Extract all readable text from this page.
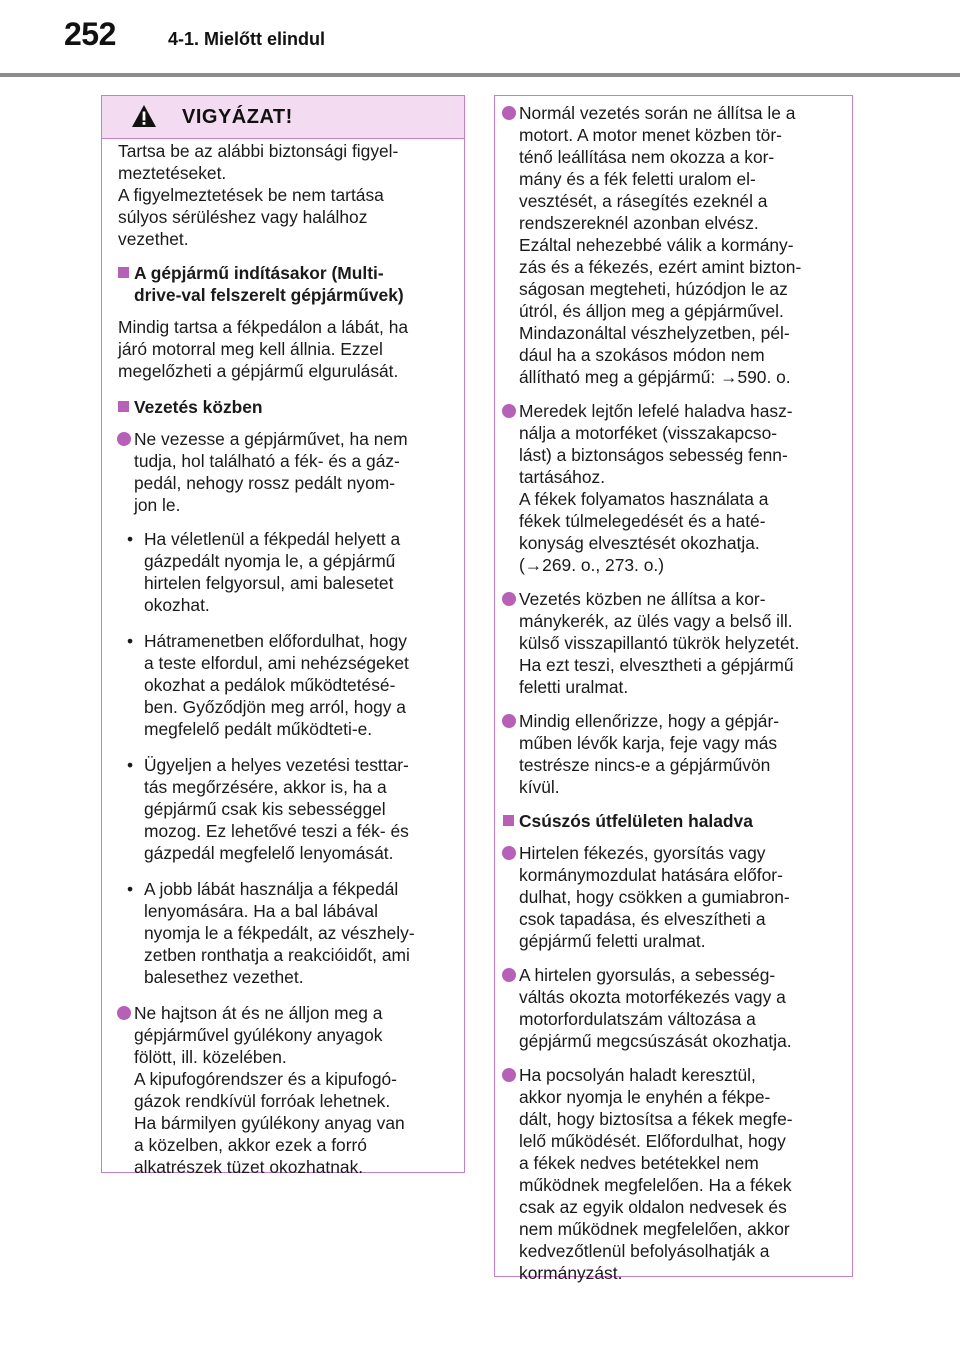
252	4-1. Mielőtt elindul
VIGYÁZAT!

Tartsa be az alábbi biztonsági figyel-
meztetéseket.
A figyelmeztetések be nem tartása
súlyos sérüléshez vagy halálhoz
vezethet.

A gépjármű indításakor (Multi-
drive-val felszerelt gépjárművek)

Mindig tartsa a fékpedálon a lábát, ha
járó motorral meg kell állnia. Ezzel
megelőzheti a gépjármű elgurulását.

Vezetés közben
Ne vezesse a gépjárművet, ha nem
tudja, hol található a fék- és a gáz-
pedál, nehogy rossz pedált nyom-
jon le.
• Ha véletlenül a fékpedál helyett a
gázpedált nyomja le, a gépjármű
hirtelen felgyorsul, ami balesetet
okozhat.
• Hátramenetben előfordulhat, hogy
a teste elfordul, ami nehézségeket
okozhat a pedálok működtetésé-
ben. Győződjön meg arról, hogy a
megfelelő pedált működteti-e.
• Ügyeljen a helyes vezetési testtar-
tás megőrzésére, akkor is, ha a
gépjármű csak kis sebességgel
mozog. Ez lehetővé teszi a fék- és
gázpedál megfelelő lenyomását.
• A jobb lábát használja a fékpedál
lenyomására. Ha a bal lábával
nyomja le a fékpedált, az vészhely-
zetben ronthatja a reakcióidőt, ami
balesethez vezethet.
Ne hajtson át és ne álljon meg a
gépjárművel gyúlékony anyagok
fölött, ill. közelében.
A kipufogórendszer és a kipufogó-
gázok rendkívül forróak lehetnek.
Ha bármilyen gyúlékony anyag van
a közelben, akkor ezek a forró
alkatrészek tüzet okozhatnak.
Normál vezetés során ne állítsa le a
motort. A motor menet közben tör-
ténő leállítása nem okozza a kor-
mány és a fék feletti uralom el-
vesztését, a rásegítés ezeknél a
rendszereknél azonban elvész.
Ezáltal nehezebbé válik a kormány-
zás és a fékezés, ezért amint bizton-
ságosan megteheti, húzódjon le az
útról, és álljon meg a gépjárművel.
Mindazonáltal vészhelyzetben, pél-
dául ha a szokásos módon nem
állítható meg a gépjármű: →590. o.
Meredek lejtőn lefelé haladva hasz-
nálja a motorféket (visszakapcso-
lást) a biztonságos sebesség fenn-
tartásához.
A fékek folyamatos használata a
fékek túlmelegedését és a haté-
konyság elvesztését okozhatja.
(→269. o., 273. o.)
Vezetés közben ne állítsa a kor-
mánykerék, az ülés vagy a belső ill.
külső visszapillantó tükrök helyzetét.
Ha ezt teszi, elvesztheti a gépjármű
feletti uralmat.
Mindig ellenőrizze, hogy a gépjár-
műben lévők karja, feje vagy más
testrésze nincs-e a gépjárművön
kívül.
Csúszós útfelületen haladva
Hirtelen fékezés, gyorsítás vagy
kormánymozdulat hatására előfor-
dulhat, hogy csökken a gumiabron-
csok tapadása, és elveszítheti a
gépjármű feletti uralmat.
A hirtelen gyorsulás, a sebesség-
váltás okozta motorfékezés vagy a
motorfordulatszám változása a
gépjármű megcsúszását okozhatja.
Ha pocsolyán haladt keresztül,
akkor nyomja le enyhén a fékpe-
dált, hogy biztosítsa a fékek megfe-
lelő működését. Előfordulhat, hogy
a fékek nedves betétekkel nem
működnek megfelelően. Ha a fékek
csak az egyik oldalon nedvesek és
nem működnek megfelelően, akkor
kedvezőtlenül befolyásolhatják a
kormányzást.
